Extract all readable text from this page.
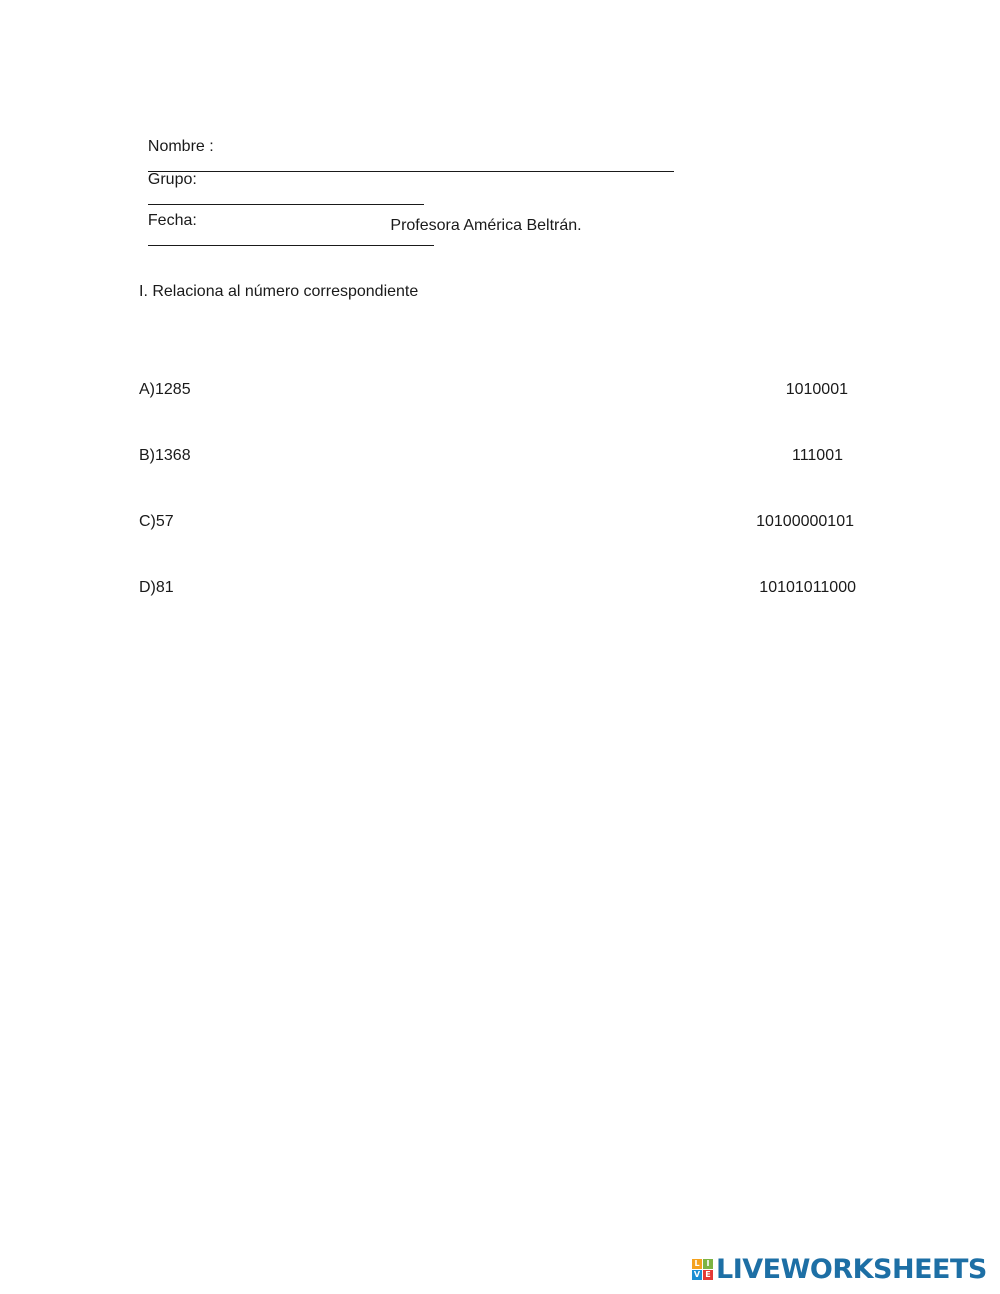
Nombre :

Grupo:

Fecha:
	Profesora América Beltrán.
I. Relaciona al número correspondiente
A)1285
B)1368
C)57
D)81
1010001
111001
10100000101
10101011000
L I
V E LIVEWORKSHEETS
